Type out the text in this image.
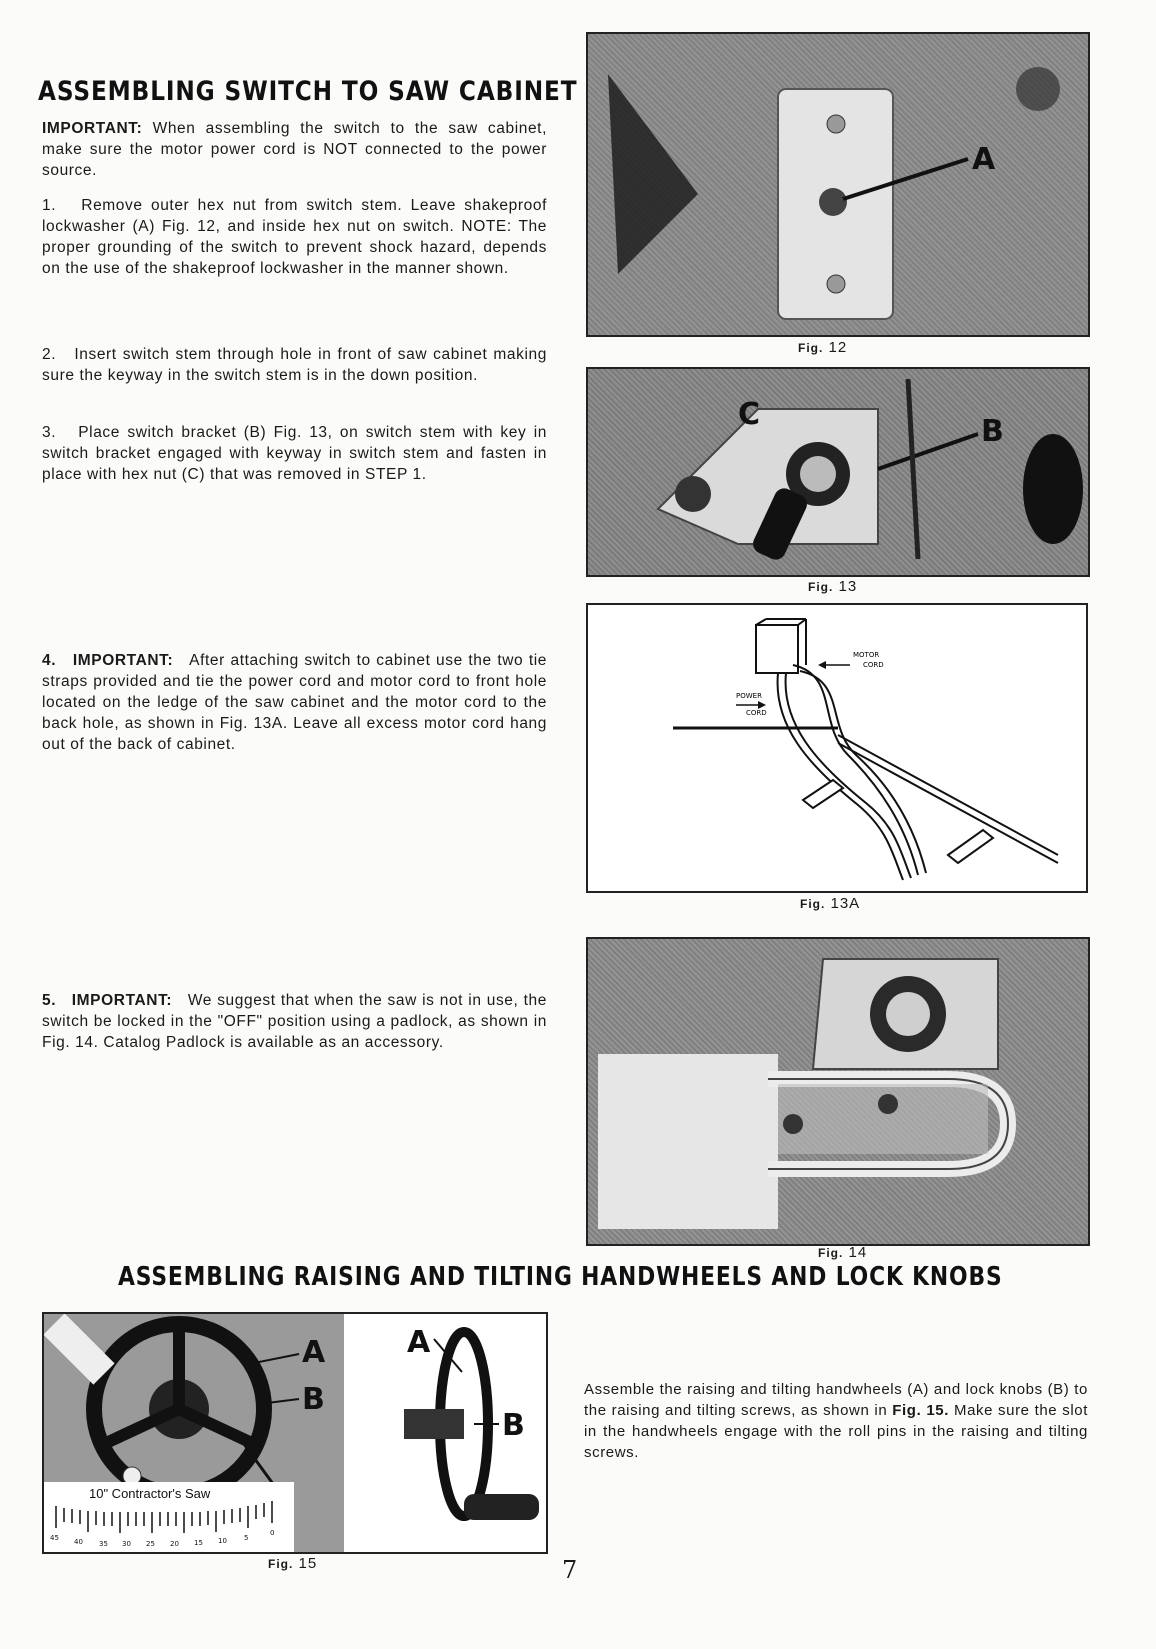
ASSEMBLING SWITCH TO SAW CABINET

IMPORTANT: When assembling the switch to the saw cabinet, make sure the motor power cord is NOT connected to the power source.

1. Remove outer hex nut from switch stem. Leave shakeproof lockwasher (A) Fig. 12, and inside hex nut on switch. NOTE: The proper grounding of the switch to prevent shock hazard, depends on the use of the shakeproof lockwasher in the manner shown.

2. Insert switch stem through hole in front of saw cabinet making sure the keyway in the switch stem is in the down position.

3. Place switch bracket (B) Fig. 13, on switch stem with key in switch bracket engaged with keyway in switch stem and fasten in place with hex nut (C) that was removed in STEP 1.

4. IMPORTANT: After attaching switch to cabinet use the two tie straps provided and tie the power cord and motor cord to front hole located on the ledge of the saw cabinet and the motor cord to the back hole, as shown in Fig. 13A. Leave all excess motor cord hang out of the back of cabinet.

5. IMPORTANT: We suggest that when the saw is not in use, the switch be locked in the "OFF" position using a padlock, as shown in Fig. 14. Catalog Padlock is available as an accessory.

A
Fig. 12
B
C
Fig. 13
MOTOR
CORD
POWER
CORD
Fig. 13A
Fig. 14
ASSEMBLING RAISING AND TILTING HANDWHEELS AND LOCK KNOBS
A
B
10" Contractor's Saw
45 40 35 30 25 20 15 10 5
0
A
B
Fig. 15

Assemble the raising and tilting handwheels (A) and lock knobs (B) to the raising and tilting screws, as shown in Fig. 15. Make sure the slot in the handwheels engage with the roll pins in the raising and tilting screws.

7
